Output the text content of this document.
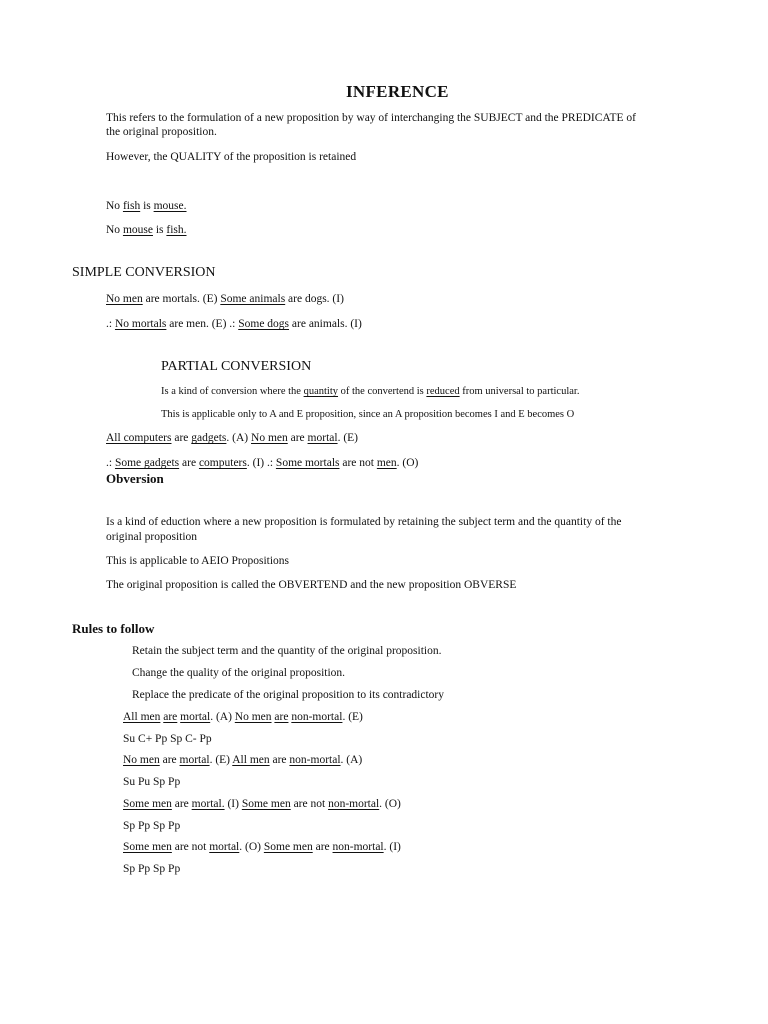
INFERENCE
This refers to the formulation of a new proposition by way of interchanging the SUBJECT and the PREDICATE of
the original proposition.
However, the QUALITY of the proposition is retained
No fish is mouse.
No mouse is fish.
SIMPLE CONVERSION
No men are mortals. (E) Some animals are dogs. (I)
.: No mortals are men. (E) .: Some dogs are animals. (I)
PARTIAL CONVERSION
Is a kind of conversion where the quantity of the convertend is reduced from universal to particular.
This is applicable only to A and E proposition, since an A proposition becomes I and E becomes O
All computers are gadgets. (A) No men are mortal. (E)
.: Some gadgets are computers. (I) .: Some mortals are not men. (O)
Obversion
Is a kind of eduction where a new proposition is formulated by retaining the subject term and the quantity of the
original proposition
This is applicable to AEIO Propositions
The original proposition is called the OBVERTEND and the new proposition OBVERSE
Rules to follow
Retain the subject term and the quantity of the original proposition.
Change the quality of the original proposition.
Replace the predicate of the original proposition to its contradictory
All men are mortal. (A) No men are non-mortal. (E)
Su C+ Pp Sp C- Pp
No men are mortal. (E) All men are non-mortal. (A)
Su Pu Sp Pp
Some men are mortal. (I) Some men are not non-mortal. (O)
Sp Pp Sp Pp
Some men are not mortal. (O) Some men are non-mortal. (I)
Sp Pp Sp Pp
